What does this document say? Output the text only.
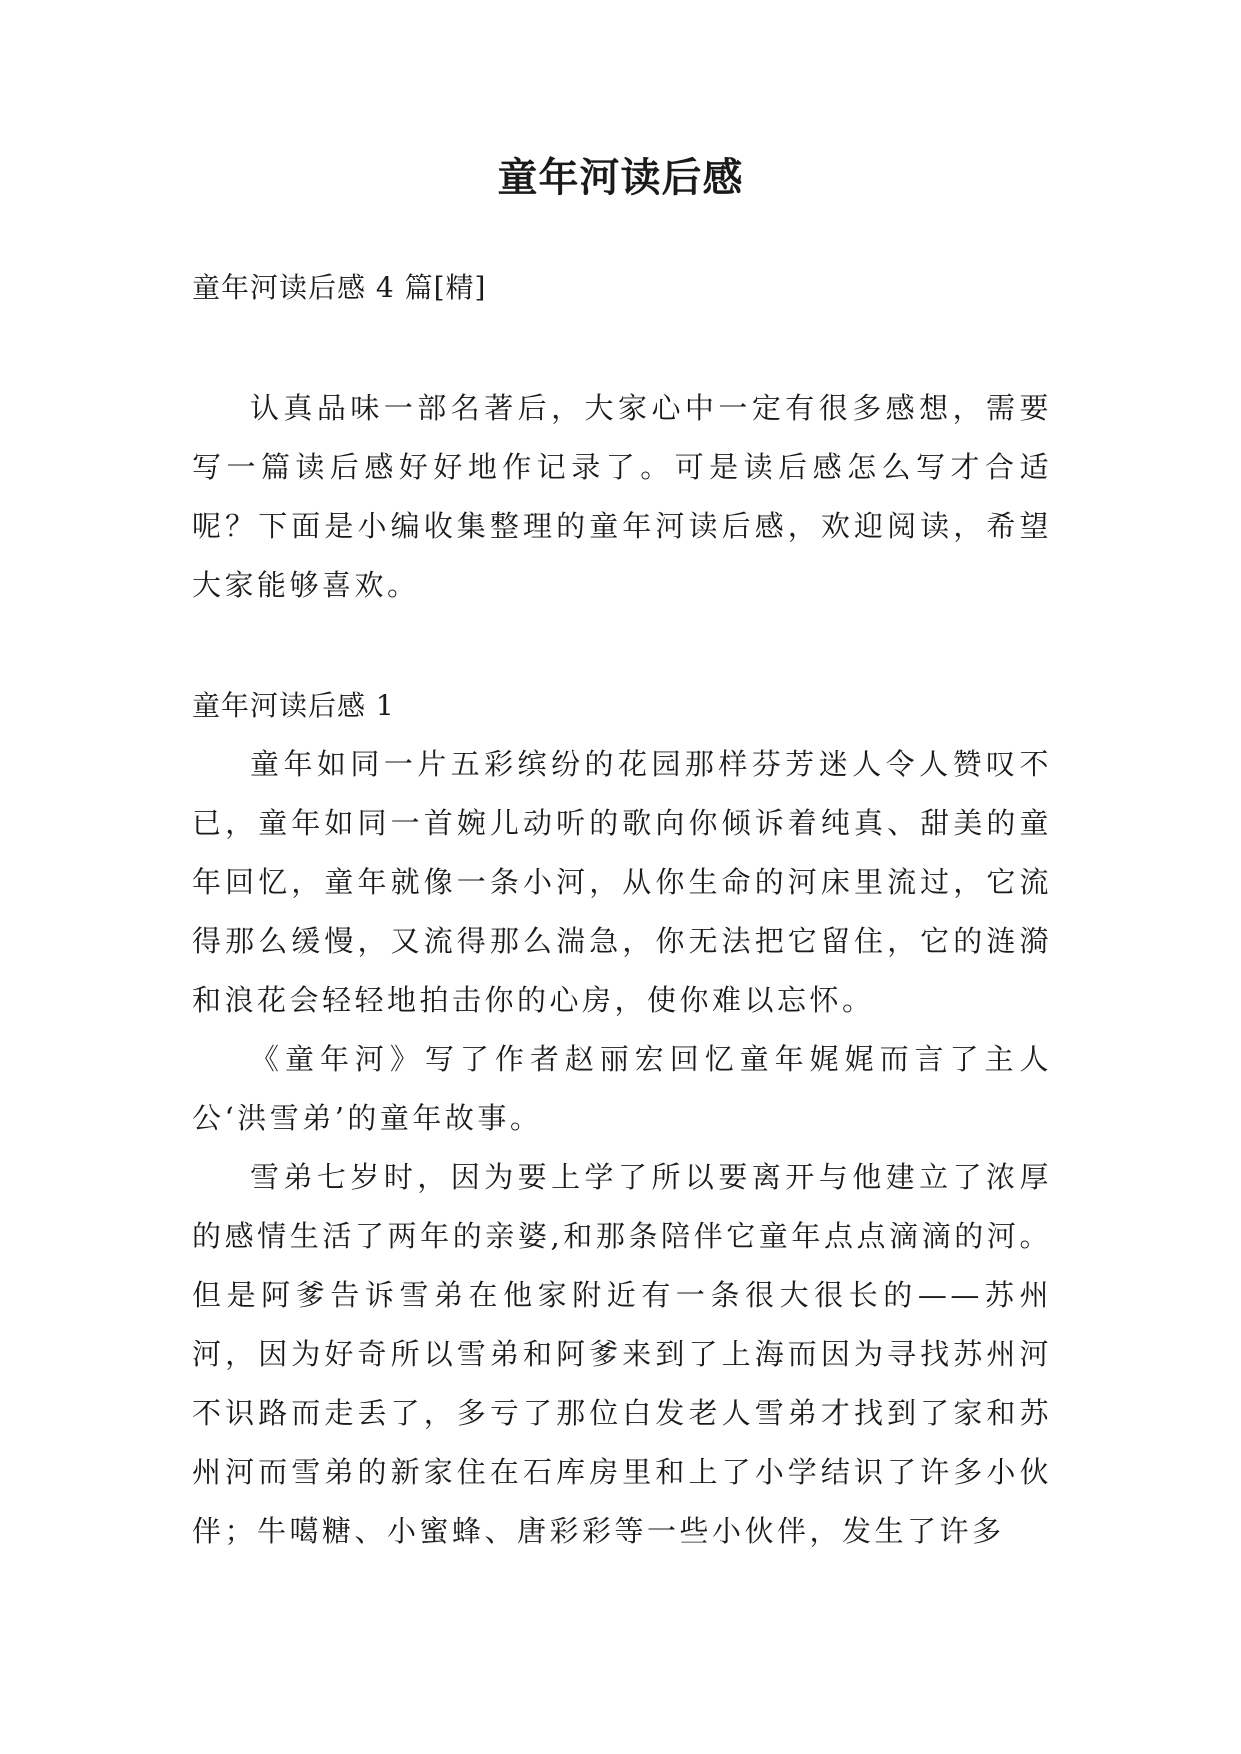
童年河读后感

童年河读后感 4 篇[精]

认真品味一部名著后，大家心中一定有很多感想，需要写一篇读后感好好地作记录了。可是读后感怎么写才合适呢？下面是小编收集整理的童年河读后感，欢迎阅读，希望大家能够喜欢。

童年河读后感 1

童年如同一片五彩缤纷的花园那样芬芳迷人令人赞叹不已，童年如同一首婉儿动听的歌向你倾诉着纯真、甜美的童年回忆，童年就像一条小河，从你生命的河床里流过，它流得那么缓慢，又流得那么湍急，你无法把它留住，它的涟漪和浪花会轻轻地拍击你的心房，使你难以忘怀。

《童年河》写了作者赵丽宏回忆童年娓娓而言了主人公‘洪雪弟’的童年故事。

雪弟七岁时，因为要上学了所以要离开与他建立了浓厚的感情生活了两年的亲婆,和那条陪伴它童年点点滴滴的河。但是阿爹告诉雪弟在他家附近有一条很大很长的——苏州河，因为好奇所以雪弟和阿爹来到了上海而因为寻找苏州河不识路而走丢了，多亏了那位白发老人雪弟才找到了家和苏州河而雪弟的新家住在石库房里和上了小学结识了许多小伙伴；牛噶糖、小蜜蜂、唐彩彩等一些小伙伴，发生了许多
